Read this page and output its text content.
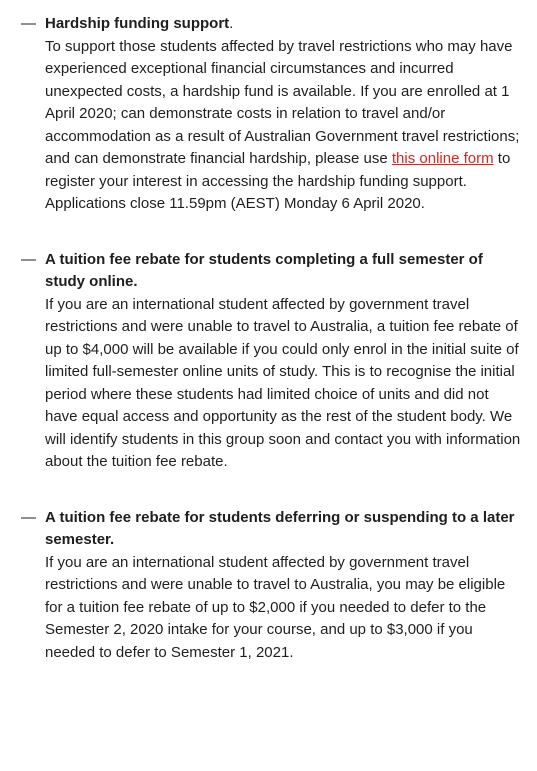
— Hardship funding support.
To support those students affected by travel restrictions who may have experienced exceptional financial circumstances and incurred unexpected costs, a hardship fund is available. If you are enrolled at 1 April 2020; can demonstrate costs in relation to travel and/or accommodation as a result of Australian Government travel restrictions; and can demonstrate financial hardship, please use this online form to register your interest in accessing the hardship funding support. Applications close 11.59pm (AEST) Monday 6 April 2020.
— A tuition fee rebate for students completing a full semester of study online.
If you are an international student affected by government travel restrictions and were unable to travel to Australia, a tuition fee rebate of up to $4,000 will be available if you could only enrol in the initial suite of limited full-semester online units of study. This is to recognise the initial period where these students had limited choice of units and did not have equal access and opportunity as the rest of the student body. We will identify students in this group soon and contact you with information about the tuition fee rebate.
— A tuition fee rebate for students deferring or suspending to a later semester.
If you are an international student affected by government travel restrictions and were unable to travel to Australia, you may be eligible for a tuition fee rebate of up to $2,000 if you needed to defer to the Semester 2, 2020 intake for your course, and up to $3,000 if you needed to defer to Semester 1, 2021.
